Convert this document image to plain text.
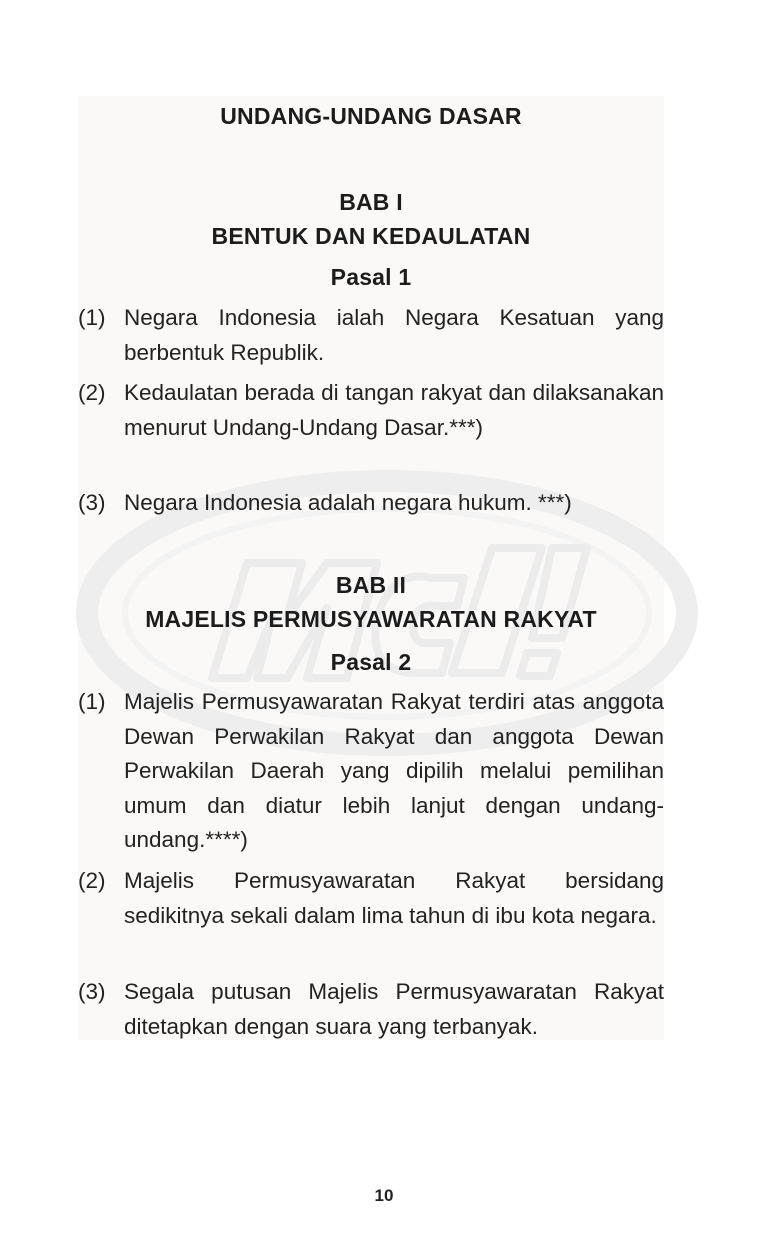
UNDANG-UNDANG DASAR
BAB I
BENTUK DAN KEDAULATAN
Pasal 1
(1) Negara Indonesia ialah Negara Kesatuan yang berbentuk Republik.
(2) Kedaulatan berada di tangan rakyat dan dilaksanakan menurut Undang-Undang Dasar.***)
(3) Negara Indonesia adalah negara hukum. ***)
BAB II
MAJELIS PERMUSYAWARATAN RAKYAT
Pasal 2
(1) Majelis Permusyawaratan Rakyat terdiri atas anggota Dewan Perwakilan Rakyat dan anggota Dewan Perwakilan Daerah yang dipilih melalui pemilihan umum dan diatur lebih lanjut dengan undang-undang.****)
(2) Majelis Permusyawaratan Rakyat bersidang sedikitnya sekali dalam lima tahun di ibu kota negara.
(3) Segala putusan Majelis Permusyawaratan Rakyat ditetapkan dengan suara yang terbanyak.
10
